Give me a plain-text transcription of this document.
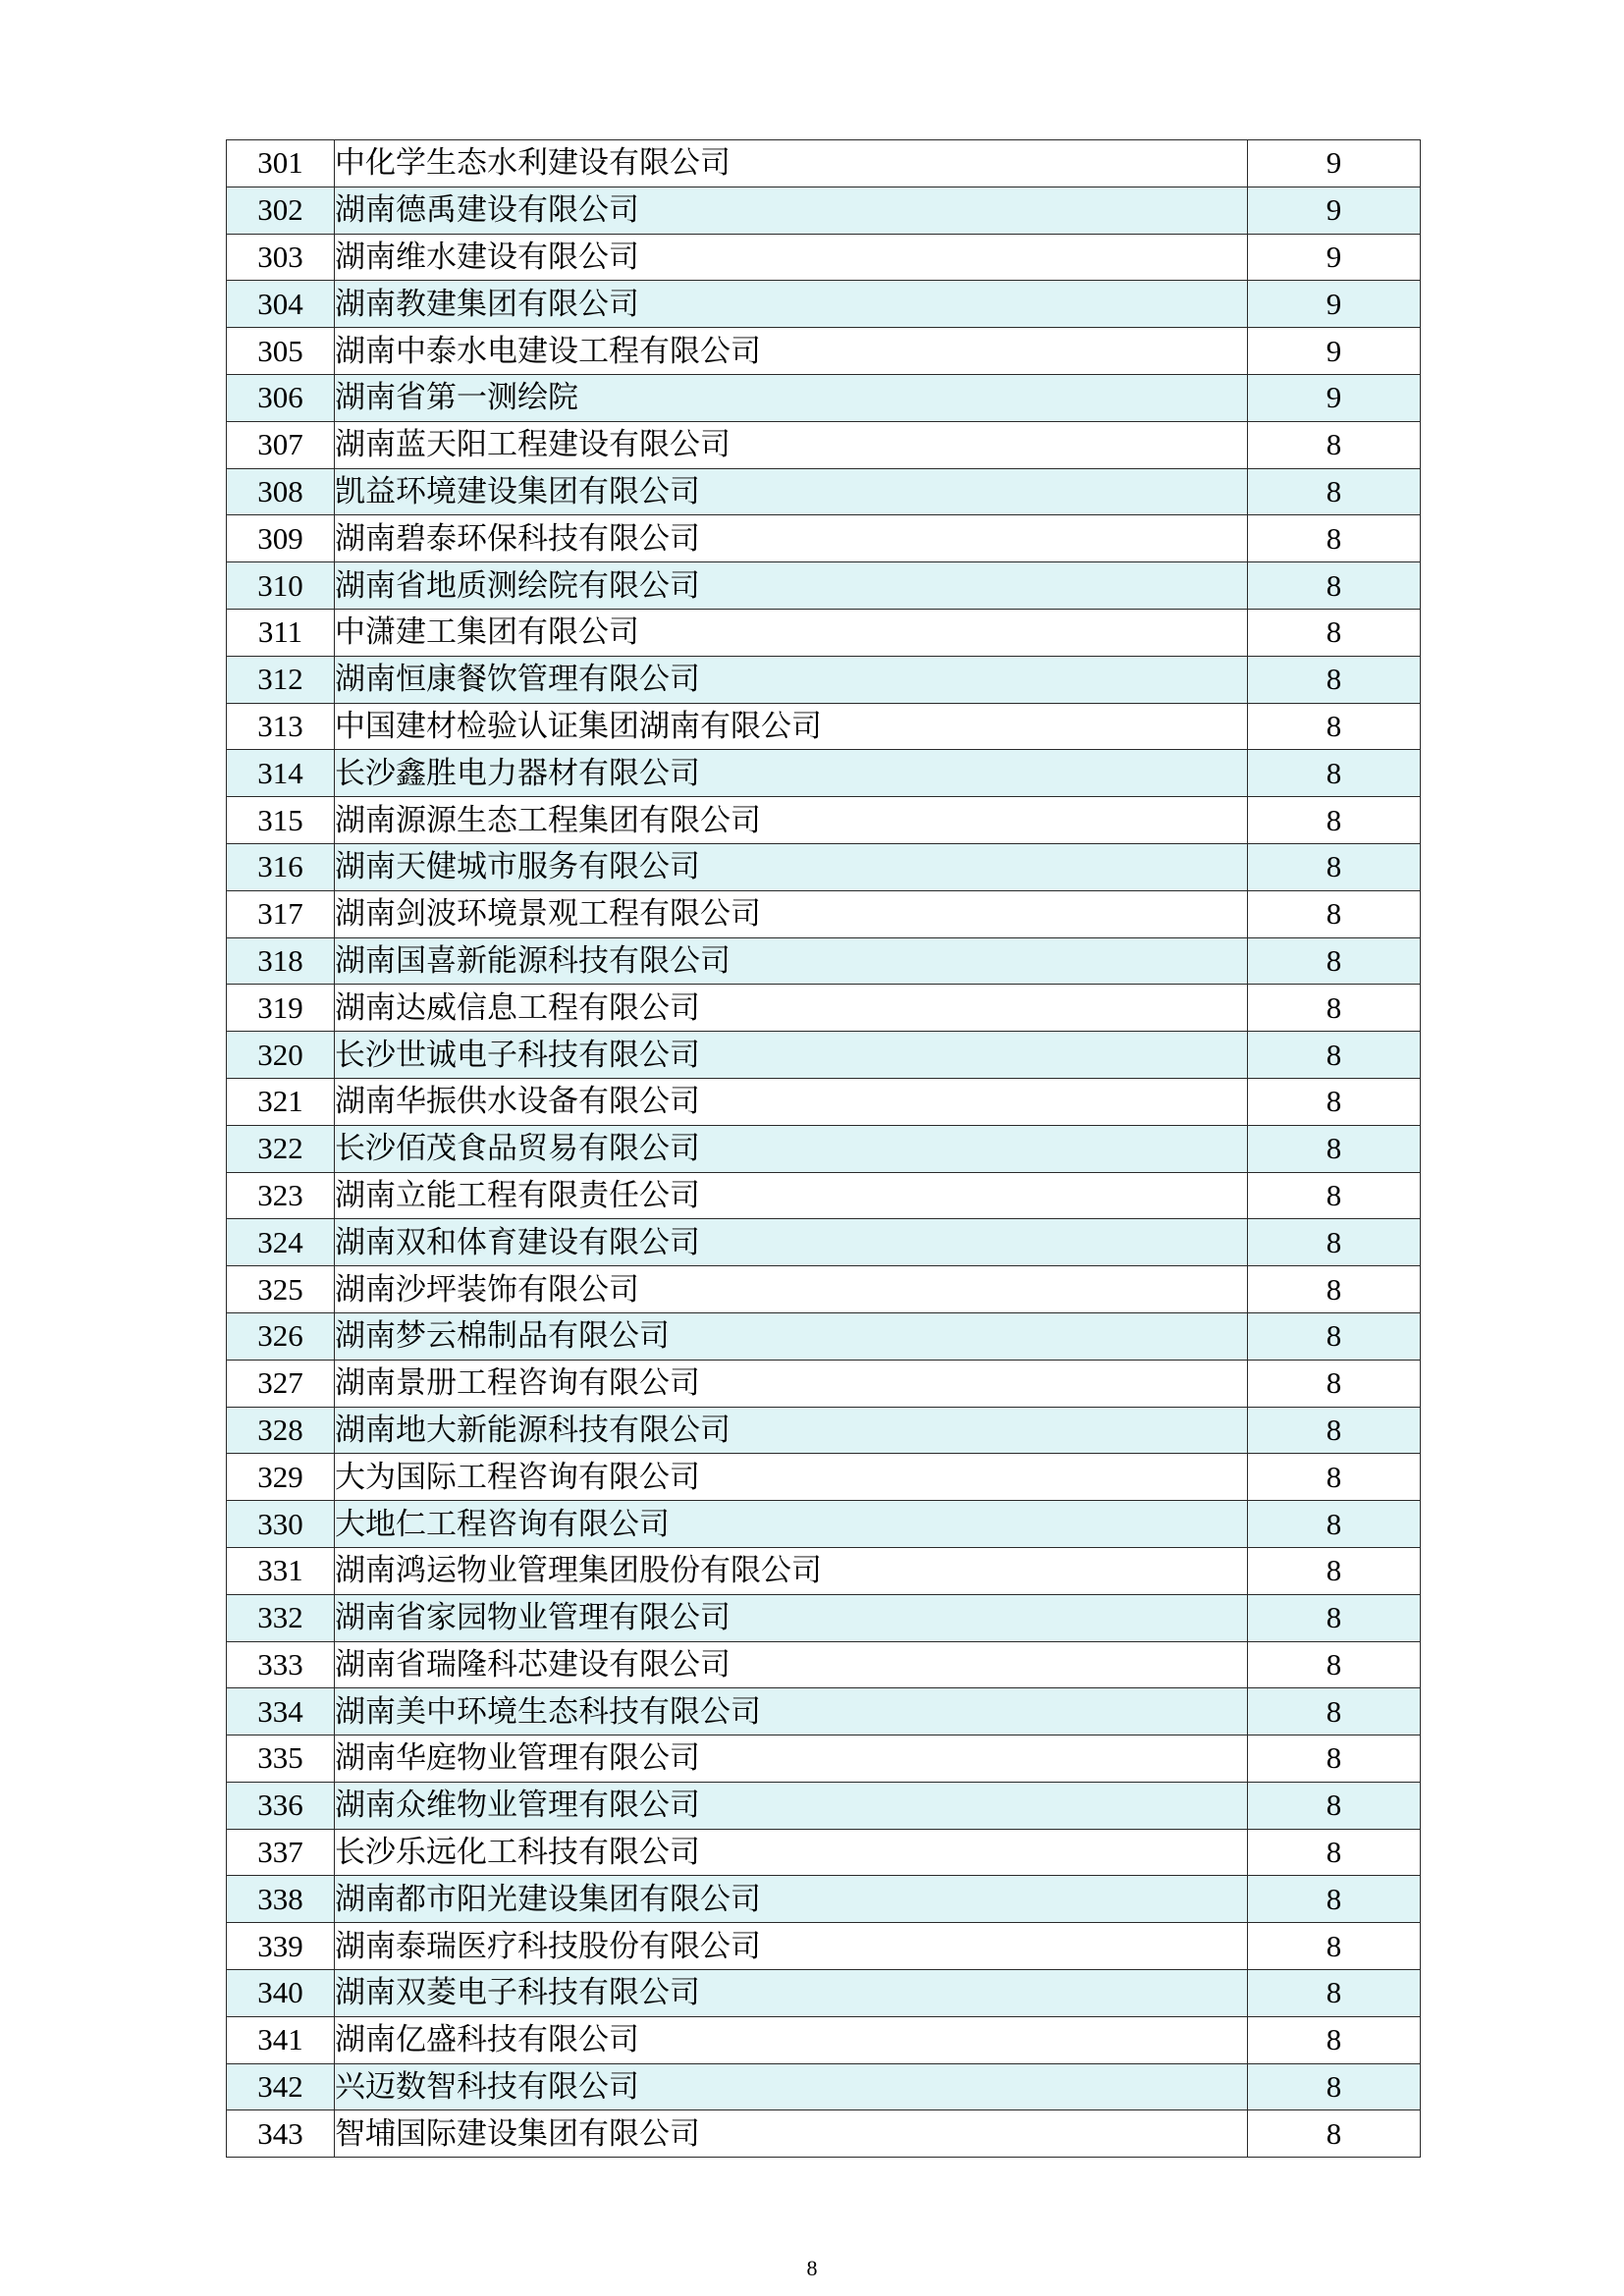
301	中化学生态水利建设有限公司	9
302	湖南德禹建设有限公司	9
303	湖南维水建设有限公司	9
304	湖南教建集团有限公司	9
305	湖南中泰水电建设工程有限公司	9
306	湖南省第一测绘院	9
307	湖南蓝天阳工程建设有限公司	8
308	凯益环境建设集团有限公司	8
309	湖南碧泰环保科技有限公司	8
310	湖南省地质测绘院有限公司	8
311	中潇建工集团有限公司	8
312	湖南恒康餐饮管理有限公司	8
313	中国建材检验认证集团湖南有限公司	8
314	长沙鑫胜电力器材有限公司	8
315	湖南源源生态工程集团有限公司	8
316	湖南天健城市服务有限公司	8
317	湖南剑波环境景观工程有限公司	8
318	湖南国喜新能源科技有限公司	8
319	湖南达威信息工程有限公司	8
320	长沙世诚电子科技有限公司	8
321	湖南华振供水设备有限公司	8
322	长沙佰茂食品贸易有限公司	8
323	湖南立能工程有限责任公司	8
324	湖南双和体育建设有限公司	8
325	湖南沙坪装饰有限公司	8
326	湖南梦云棉制品有限公司	8
327	湖南景册工程咨询有限公司	8
328	湖南地大新能源科技有限公司	8
329	大为国际工程咨询有限公司	8
330	大地仁工程咨询有限公司	8
331	湖南鸿运物业管理集团股份有限公司	8
332	湖南省家园物业管理有限公司	8
333	湖南省瑞隆科芯建设有限公司	8
334	湖南美中环境生态科技有限公司	8
335	湖南华庭物业管理有限公司	8
336	湖南众维物业管理有限公司	8
337	长沙乐远化工科技有限公司	8
338	湖南都市阳光建设集团有限公司	8
339	湖南泰瑞医疗科技股份有限公司	8
340	湖南双菱电子科技有限公司	8
341	湖南亿盛科技有限公司	8
342	兴迈数智科技有限公司	8
343	智埔国际建设集团有限公司	8
8
